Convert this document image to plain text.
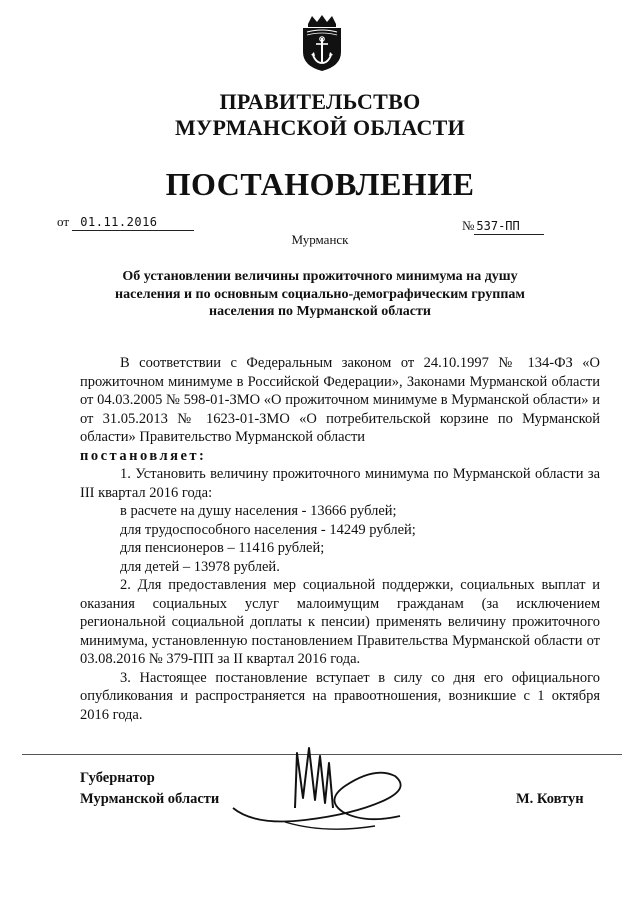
ПРАВИТЕЛЬСТВО
МУРМАНСКОЙ ОБЛАСТИ
ПОСТАНОВЛЕНИЕ
от 01.11.2016	№ 537-ПП
Мурманск
Об установлении величины прожиточного минимума на душу
населения и по основным социально-демографическим группам
населения по Мурманской области

В соответствии с Федеральным законом от 24.10.1997 № 134-ФЗ «О прожиточном минимуме в Российской Федерации», Законами Мурманской области от 04.03.2005 № 598-01-ЗМО «О прожиточном минимуме в Мурманской области» и от 31.05.2013 № 1623-01-ЗМО «О потребительской корзине по Мурманской области» Правительство Мурманской области

постановляет:

1. Установить величину прожиточного минимума по Мурманской области за III квартал 2016 года:

в расчете на душу населения - 13666 рублей;

для трудоспособного населения - 14249 рублей;

для пенсионеров – 11416 рублей;

для детей – 13978 рублей.

2. Для предоставления мер социальной поддержки, социальных выплат и оказания социальных услуг малоимущим гражданам (за исключением региональной социальной доплаты к пенсии) применять величину прожиточного минимума, установленную постановлением Правительства Мурманской области от 03.08.2016 № 379-ПП за II квартал 2016 года.

3. Настоящее постановление вступает в силу со дня его официального опубликования и распространяется на правоотношения, возникшие с 1 октября 2016 года.

Губернатор
Мурманской области	М. Ковтун
